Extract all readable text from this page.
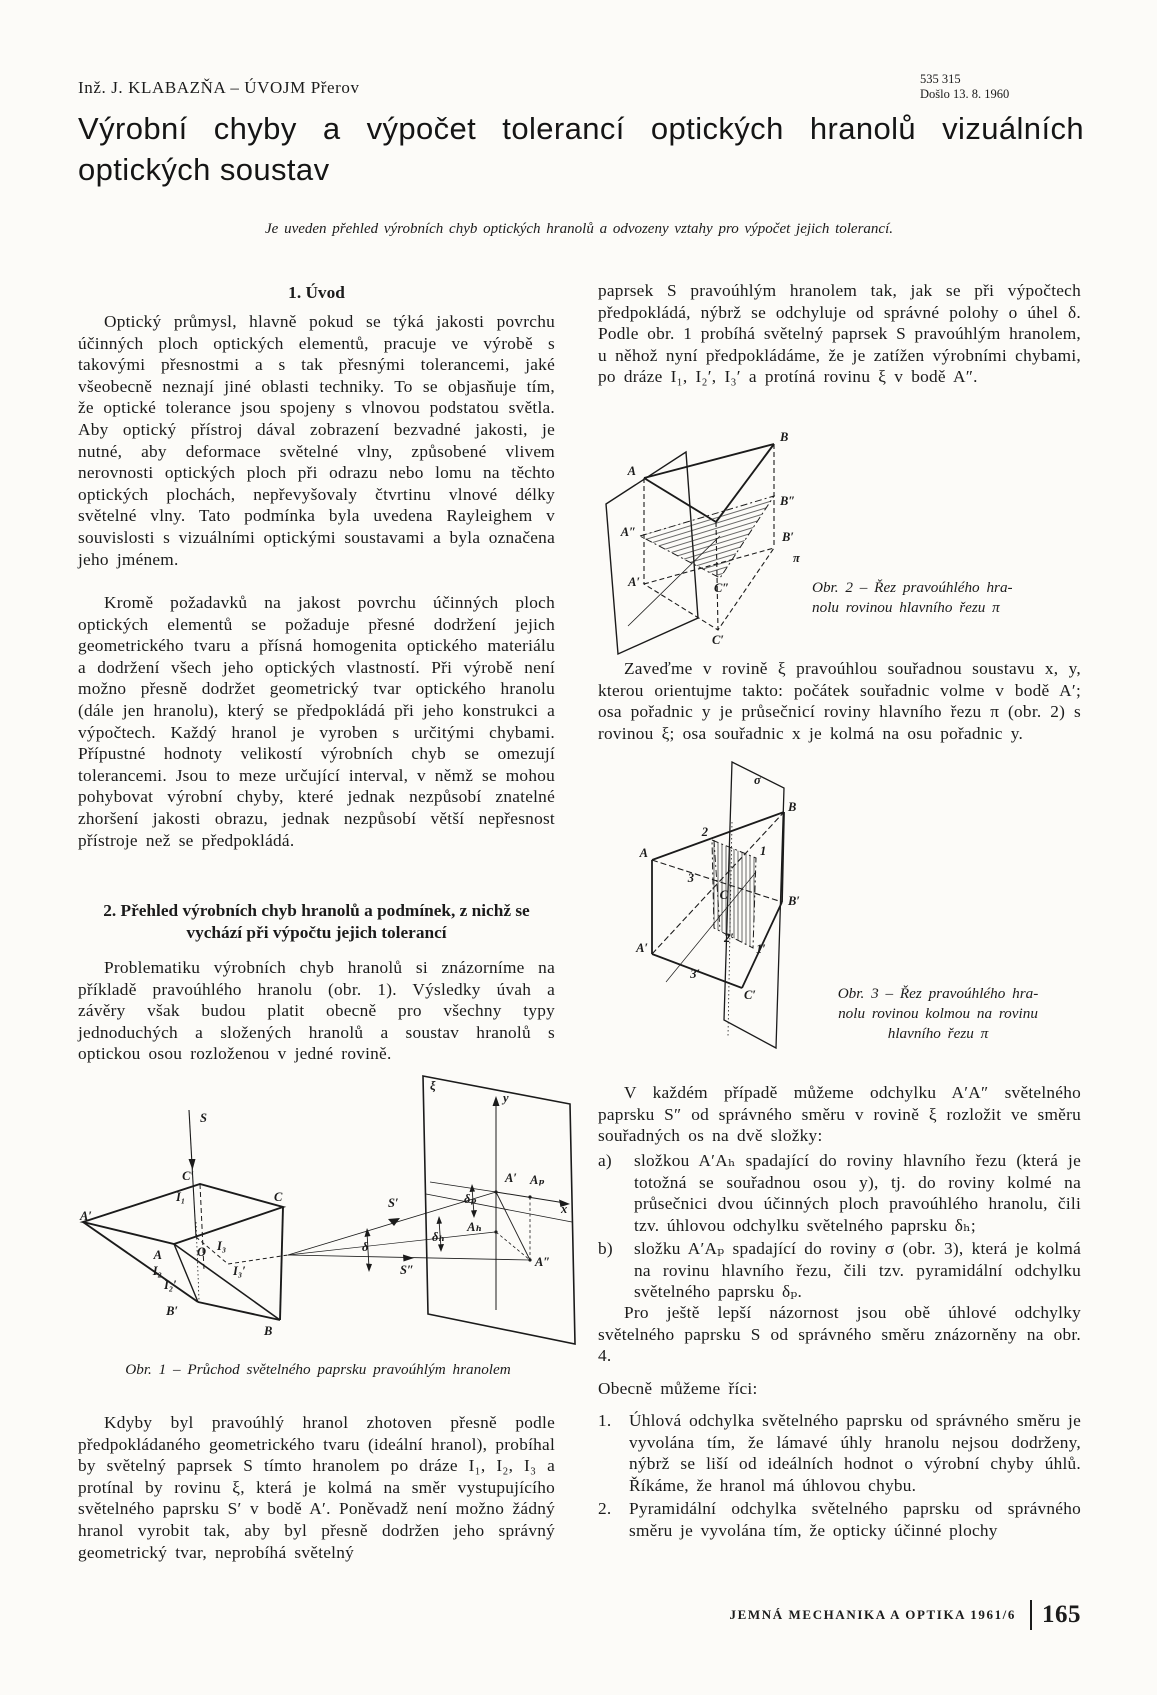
Inž. J. KLABAZŇA – ÚVOJM Přerov	535 315
Došlo 13. 8. 1960
Výrobní chyby a výpočet tolerancí optických hranolů vizuálních
optických soustav
Je uveden přehled výrobních chyb optických hranolů a odvozeny vztahy pro výpočet jejich tolerancí.
1. Úvod
Optický průmysl, hlavně pokud se týká jakosti povrchu účinných ploch optických elementů, pracuje ve výrobě s takovými přesnostmi a s tak přesnými tolerancemi, jaké všeobecně neznají jiné oblasti techniky. To se objasňuje tím, že optické tolerance jsou spojeny s vlnovou podstatou světla. Aby optický přístroj dával zobrazení bezvadné jakosti, je nutné, aby deformace světelné vlny, způsobené vlivem nerovnosti optických ploch při odrazu nebo lomu na těchto optických plochách, nepřevyšovaly čtvrtinu vlnové délky světelné vlny. Tato podmínka byla uvedena Rayleighem v souvislosti s vizuálními optickými soustavami a byla označena jeho jménem.
Kromě požadavků na jakost povrchu účinných ploch optických elementů se požaduje přesné dodržení jejich geometrického tvaru a přísná homogenita optického materiálu a dodržení všech jeho optických vlastností. Při výrobě není možno přesně dodržet geometrický tvar optického hranolu (dále jen hranolu), který se předpokládá při jeho konstrukci a výpočtech. Každý hranol je vyroben s určitými chybami. Přípustné hodnoty velikostí výrobních chyb se omezují tolerancemi. Jsou to meze určující interval, v němž se mohou pohybovat výrobní chyby, které jednak nezpůsobí znatelné zhoršení jakosti obrazu, jednak nezpůsobí větší nepřesnost přístroje než se předpokládá.
2. Přehled výrobních chyb hranolů a podmínek, z nichž se vychází při výpočtu jejich tolerancí
Problematiku výrobních chyb hranolů si znázorníme na příkladě pravoúhlého hranolu (obr. 1). Výsledky úvah a závěry však budou platit obecně pro všechny typy jednoduchých a složených hranolů a soustav hranolů s optickou osou rozloženou v jedné rovině.
S
ξ
y
x
A′
C′
C
A	O
I₁
I₂
I₂′
I₃
I₃′
B′
B
S′
S″
δ
δₚ
δₕ
A′ Aₚ
Aₕ
A″
Obr. 1 – Průchod světelného paprsku pravoúhlým hranolem
Kdyby byl pravoúhlý hranol zhotoven přesně podle předpokládaného geometrického tvaru (ideální hranol), probíhal by světelný paprsek S tímto hranolem po dráze I₁, I₂, I₃ a protínal by rovinu ξ, která je kolmá na směr vystupujícího světelného paprsku S′ v bodě A′. Poněvadž není možno žádný hranol vyrobit tak, aby byl přesně dodržen jeho správný geometrický tvar, neprobíhá světelný
paprsek S pravoúhlým hranolem tak, jak se při výpočtech předpokládá, nýbrž se odchyluje od správné polohy o úhel δ. Podle obr. 1 probíhá světelný paprsek S pravoúhlým hranolem, u něhož nyní předpokládáme, že je zatížen výrobními chybami, po dráze I₁, I₂′, I₃′ a protíná rovinu ξ v bodě A″.
B
A
B″
B′
π
C″
A″
A′
C′
Obr. 2 – Řez pravoúhlého hra-
nolu rovinou hlavního řezu π
Zaveďme v rovině ξ pravoúhlou souřadnou soustavu x, y, kterou orientujme takto: počátek souřadnic volme v bodě A′; osa pořadnic y je průsečnicí roviny hlavního řezu π (obr. 2) s rovinou ξ; osa souřadnic x je kolmá na osu pořadnic y.
σ
B
2
A	1
3
C	B′
A′
2′
1′
3′
C′	Obr. 3 – Řez pravoúhlého hra-
nolu rovinou kolmou na rovinu
hlavního řezu π
V každém případě můžeme odchylku A′A″ světelného paprsku S″ od správného směru v rovině ξ rozložit ve směru souřadných os na dvě složky:
a)	složkou A′Aₕ spadající do roviny hlavního řezu (která je totožná se souřadnou osou y), tj. do roviny kolmé na průsečnici dvou účinných ploch pravoúhlého hranolu, čili tzv. úhlovou odchylku světelného paprsku δₕ;
b)	složku A′Aₚ spadající do roviny σ (obr. 3), která je kolmá na rovinu hlavního řezu, čili tzv. pyramidální odchylku světelného paprsku δₚ.
Pro ještě lepší názornost jsou obě úhlové odchylky světelného paprsku S od správného směru znázorněny na obr. 4.
Obecně můžeme říci:
1.	Úhlová odchylka světelného paprsku od správného směru je vyvolána tím, že lámavé úhly hranolu nejsou dodrženy, nýbrž se liší od ideálních hodnot o výrobní chyby úhlů. Říkáme, že hranol má úhlovou chybu.
2.	Pyramidální odchylka světelného paprsku od správného směru je vyvolána tím, že opticky účinné plochy
JEMNÁ MECHANIKA A OPTIKA 1961/6 165
